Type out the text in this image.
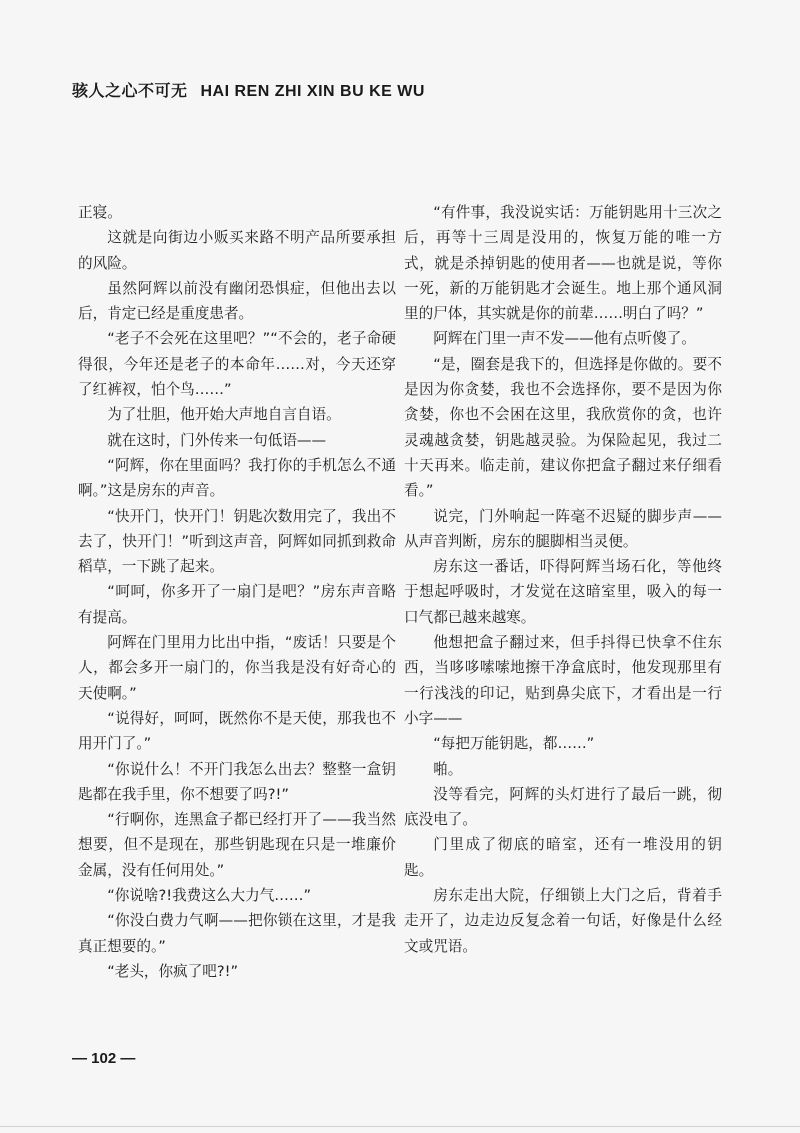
骇人之心不可无 HAI REN ZHI XIN BU KE WU

正寝。

这就是向街边小贩买来路不明产品所要承担的风险。

虽然阿辉以前没有幽闭恐惧症，但他出去以后，肯定已经是重度患者。

“老子不会死在这里吧？”“不会的，老子命硬得很，今年还是老子的本命年……对，今天还穿了红裤衩，怕个鸟……”

为了壮胆，他开始大声地自言自语。

就在这时，门外传来一句低语——

“阿辉，你在里面吗？我打你的手机怎么不通啊。”这是房东的声音。

“快开门，快开门！钥匙次数用完了，我出不去了，快开门！”听到这声音，阿辉如同抓到救命稻草，一下跳了起来。

“呵呵，你多开了一扇门是吧？”房东声音略有提高。

阿辉在门里用力比出中指，“废话！只要是个人，都会多开一扇门的，你当我是没有好奇心的天使啊。”

“说得好，呵呵，既然你不是天使，那我也不用开门了。”

“你说什么！不开门我怎么出去？整整一盒钥匙都在我手里，你不想要了吗?!”

“行啊你，连黑盒子都已经打开了——我当然想要，但不是现在，那些钥匙现在只是一堆廉价金属，没有任何用处。”

“你说啥?!我费这么大力气……”

“你没白费力气啊——把你锁在这里，才是我真正想要的。”

“老头，你疯了吧?!”

“有件事，我没说实话：万能钥匙用十三次之后，再等十三周是没用的，恢复万能的唯一方式，就是杀掉钥匙的使用者——也就是说，等你一死，新的万能钥匙才会诞生。地上那个通风洞里的尸体，其实就是你的前辈……明白了吗？”

阿辉在门里一声不发——他有点听傻了。

“是，圈套是我下的，但选择是你做的。要不是因为你贪婪，我也不会选择你，要不是因为你贪婪，你也不会困在这里，我欣赏你的贪，也许灵魂越贪婪，钥匙越灵验。为保险起见，我过二十天再来。临走前，建议你把盒子翻过来仔细看看。”

说完，门外响起一阵毫不迟疑的脚步声——从声音判断，房东的腿脚相当灵便。

房东这一番话，吓得阿辉当场石化，等他终于想起呼吸时，才发觉在这暗室里，吸入的每一口气都已越来越寒。

他想把盒子翻过来，但手抖得已快拿不住东西，当哆哆嗦嗦地擦干净盒底时，他发现那里有一行浅浅的印记，贴到鼻尖底下，才看出是一行小字——

“每把万能钥匙，都……”

啪。

没等看完，阿辉的头灯进行了最后一跳，彻底没电了。

门里成了彻底的暗室，还有一堆没用的钥匙。

房东走出大院，仔细锁上大门之后，背着手走开了，边走边反复念着一句话，好像是什么经文或咒语。

— 102 —
